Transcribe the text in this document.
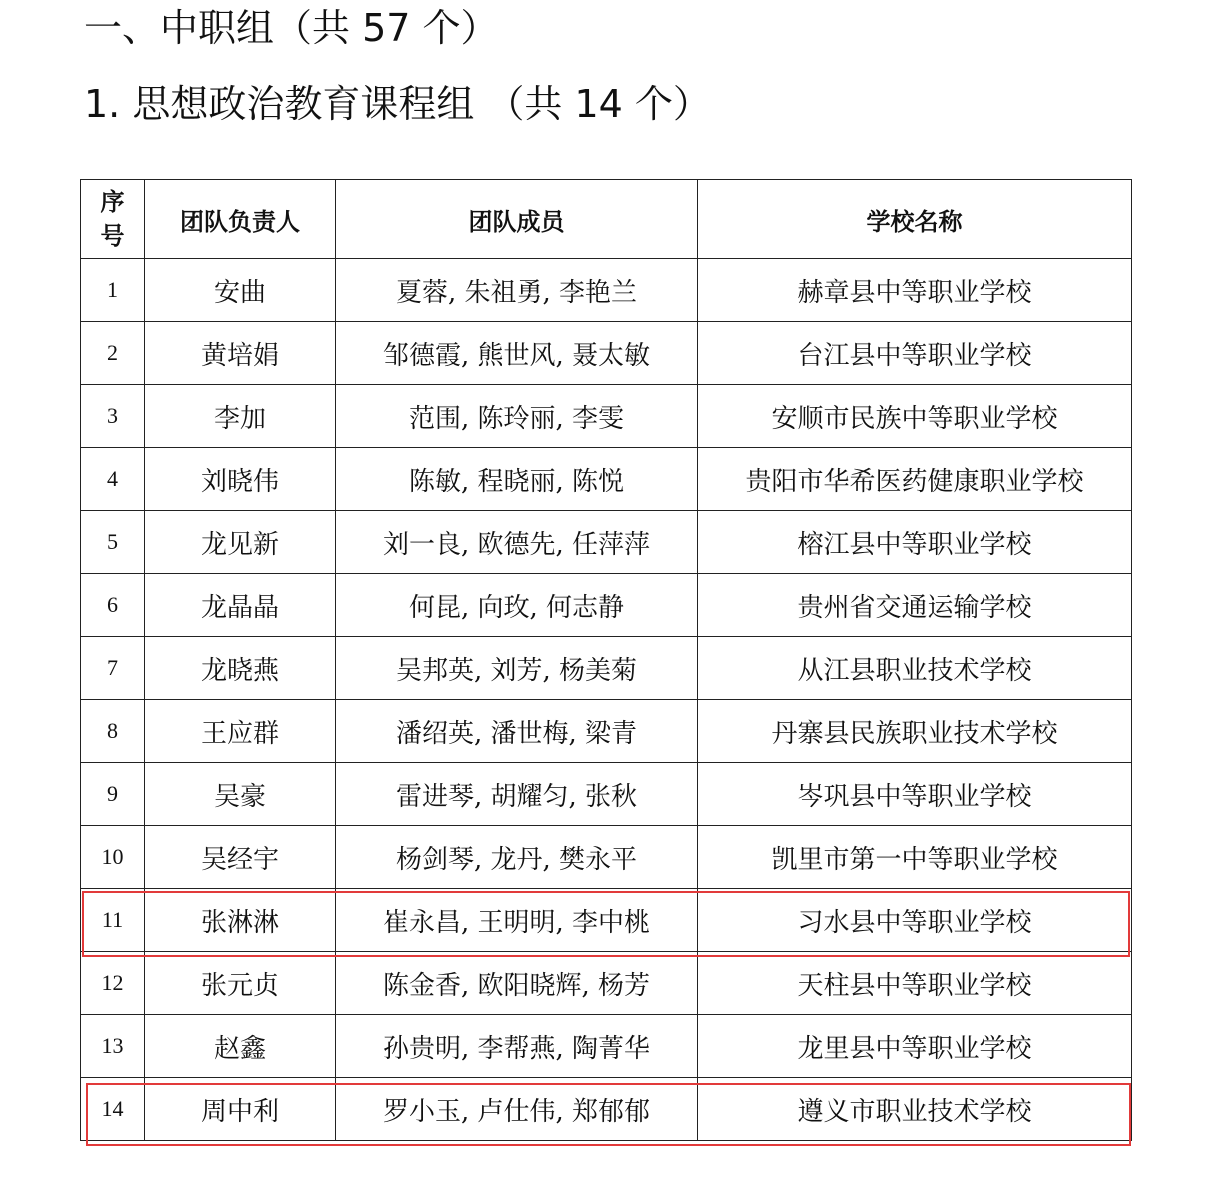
一、中职组（共 57 个）
1. 思想政治教育课程组 （共 14 个）
序
号	团队负责人	团队成员	学校名称
1	安曲	夏蓉, 朱祖勇, 李艳兰	赫章县中等职业学校
2	黄培娟	邹德霞, 熊世风, 聂太敏	台江县中等职业学校
3	李加	范围, 陈玲丽, 李雯	安顺市民族中等职业学校
4	刘晓伟	陈敏, 程晓丽, 陈悦	贵阳市华希医药健康职业学校
5	龙见新	刘一良, 欧德先, 任萍萍	榕江县中等职业学校
6	龙晶晶	何昆, 向玫, 何志静	贵州省交通运输学校
7	龙晓燕	吴邦英, 刘芳, 杨美菊	从江县职业技术学校
8	王应群	潘绍英, 潘世梅, 梁青	丹寨县民族职业技术学校
9	吴豪	雷进琴, 胡耀匀, 张秋	岑巩县中等职业学校
10	吴经宇	杨剑琴, 龙丹, 樊永平	凯里市第一中等职业学校
11	张淋淋	崔永昌, 王明明, 李中桃	习水县中等职业学校
12	张元贞	陈金香, 欧阳晓辉, 杨芳	天柱县中等职业学校
13	赵鑫	孙贵明, 李帮燕, 陶菁华	龙里县中等职业学校
14	周中利	罗小玉, 卢仕伟, 郑郁郁	遵义市职业技术学校
